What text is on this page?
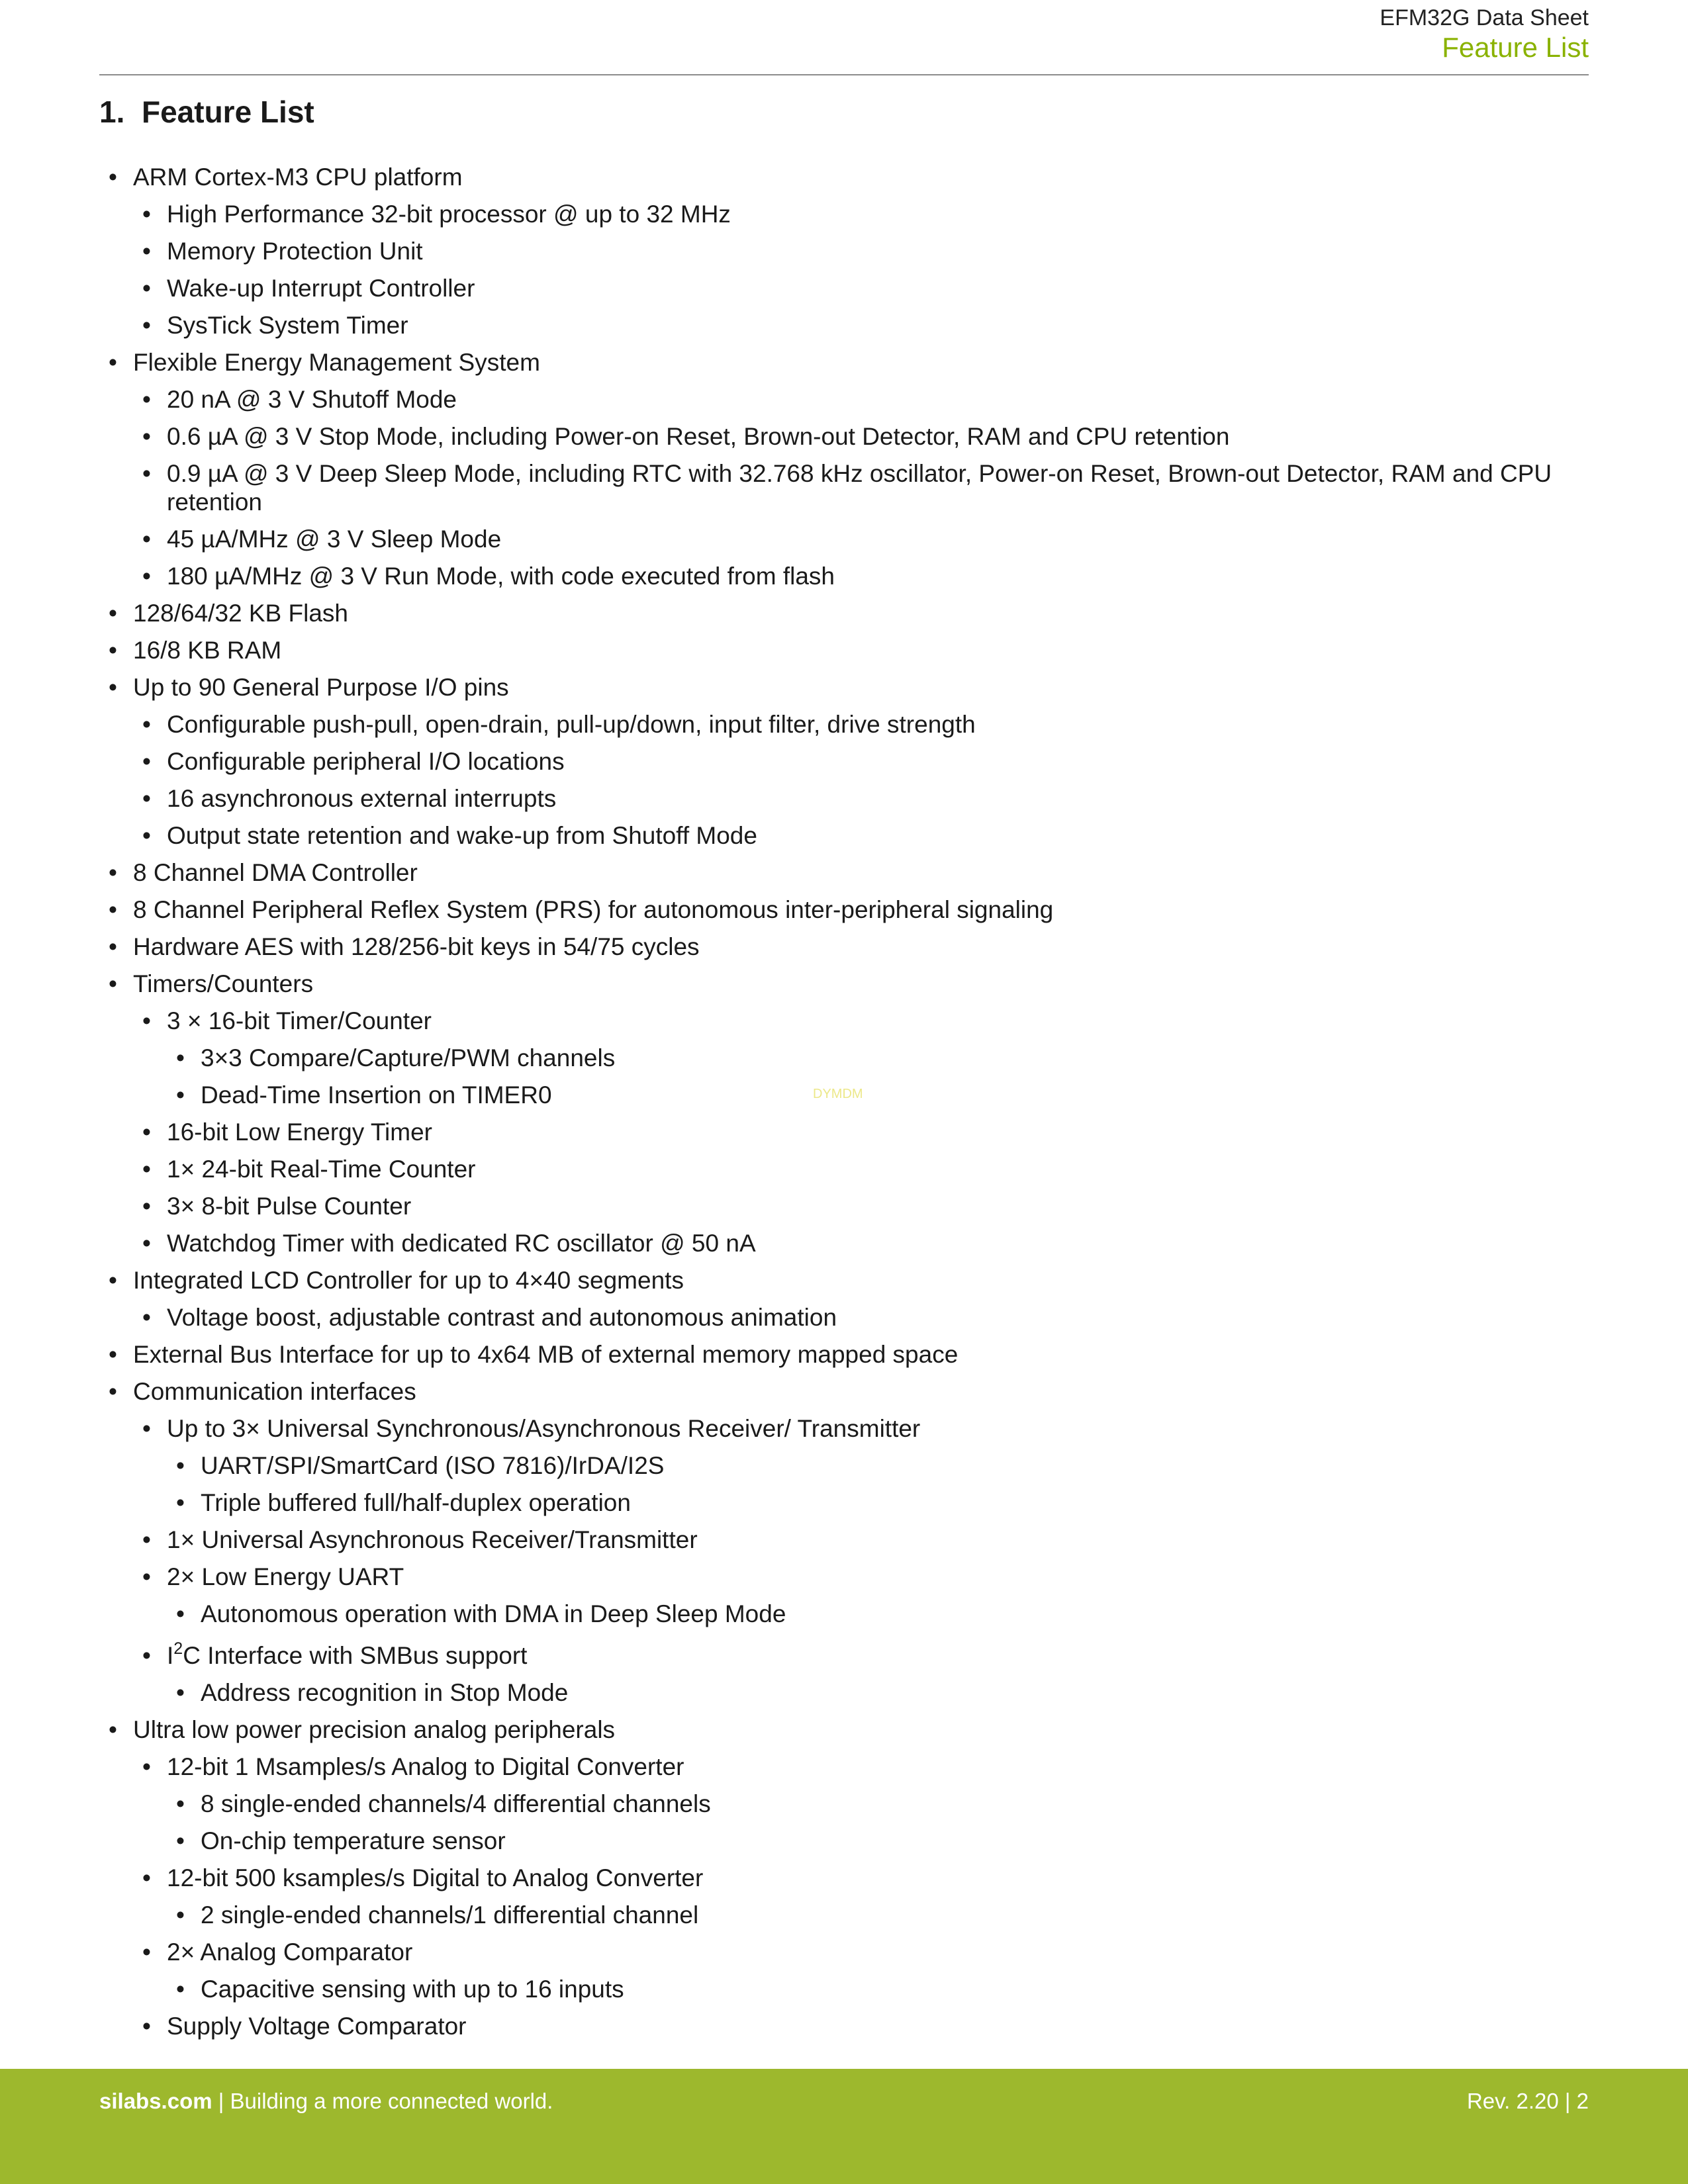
EFM32G Data Sheet
Feature List
1. Feature List
• ARM Cortex-M3 CPU platform
• High Performance 32-bit processor @ up to 32 MHz
• Memory Protection Unit
• Wake-up Interrupt Controller
• SysTick System Timer
• Flexible Energy Management System
• 20 nA @ 3 V Shutoff Mode
• 0.6 µA @ 3 V Stop Mode, including Power-on Reset, Brown-out Detector, RAM and CPU retention
• 0.9 µA @ 3 V Deep Sleep Mode, including RTC with 32.768 kHz oscillator, Power-on Reset, Brown-out Detector, RAM and CPU retention
• 45 µA/MHz @ 3 V Sleep Mode
• 180 µA/MHz @ 3 V Run Mode, with code executed from flash
• 128/64/32 KB Flash
• 16/8 KB RAM
• Up to 90 General Purpose I/O pins
• Configurable push-pull, open-drain, pull-up/down, input filter, drive strength
• Configurable peripheral I/O locations
• 16 asynchronous external interrupts
• Output state retention and wake-up from Shutoff Mode
• 8 Channel DMA Controller
• 8 Channel Peripheral Reflex System (PRS) for autonomous inter-peripheral signaling
• Hardware AES with 128/256-bit keys in 54/75 cycles
• Timers/Counters
• 3 × 16-bit Timer/Counter
• 3×3 Compare/Capture/PWM channels
• Dead-Time Insertion on TIMER0
• 16-bit Low Energy Timer
• 1× 24-bit Real-Time Counter
• 3× 8-bit Pulse Counter
• Watchdog Timer with dedicated RC oscillator @ 50 nA
• Integrated LCD Controller for up to 4×40 segments
• Voltage boost, adjustable contrast and autonomous animation
• External Bus Interface for up to 4x64 MB of external memory mapped space
• Communication interfaces
• Up to 3× Universal Synchronous/Asynchronous Receiver/ Transmitter
• UART/SPI/SmartCard (ISO 7816)/IrDA/I2S
• Triple buffered full/half-duplex operation
• 1× Universal Asynchronous Receiver/Transmitter
• 2× Low Energy UART
• Autonomous operation with DMA in Deep Sleep Mode
• $I^2C$ Interface with SMBus support
• Address recognition in Stop Mode
• Ultra low power precision analog peripherals
• 12-bit 1 Msamples/s Analog to Digital Converter
• 8 single-ended channels/4 differential channels
• On-chip temperature sensor
• 12-bit 500 ksamples/s Digital to Analog Converter
• 2 single-ended channels/1 differential channel
• 2× Analog Comparator
• Capacitive sensing with up to 16 inputs
• Supply Voltage Comparator
DYMDM
silabs.com | Building a more connected world.	Rev. 2.20 | 2
